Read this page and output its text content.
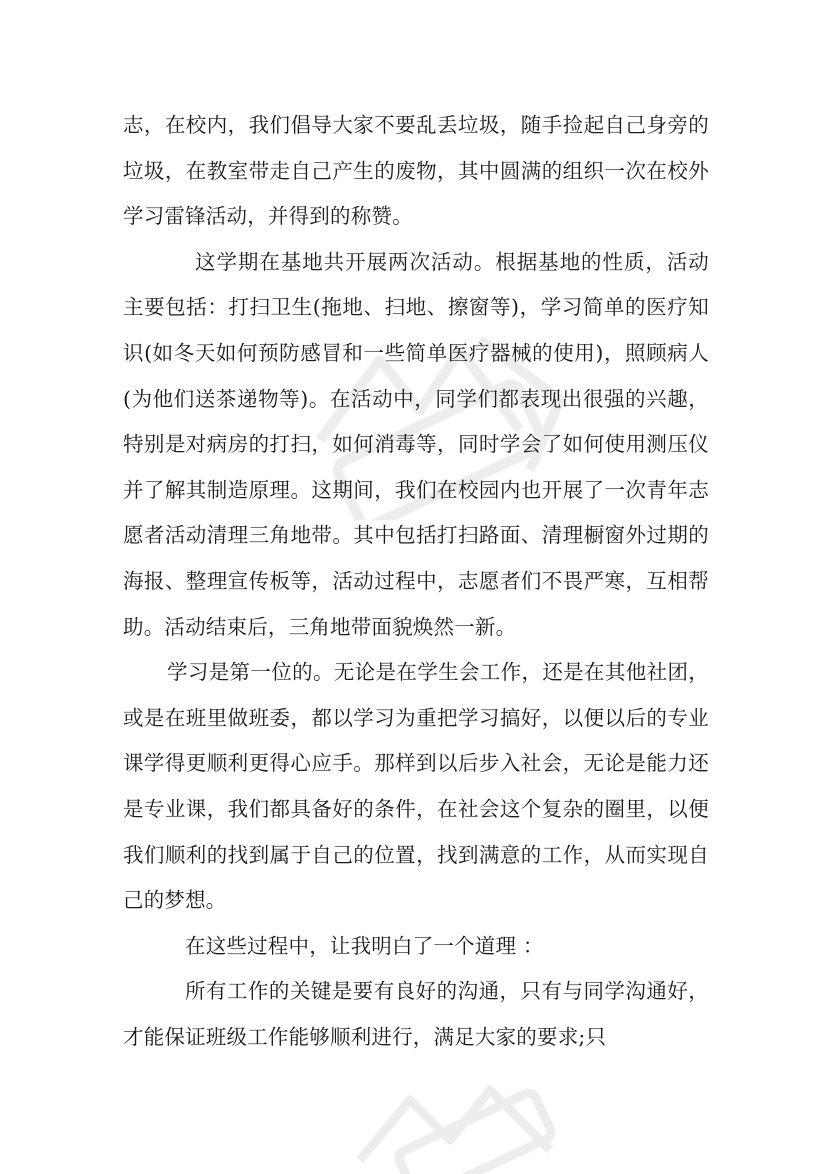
志，在校内，我们倡导大家不要乱丢垃圾，随手捡起自己身旁的垃圾，在教室带走自己产生的废物，其中圆满的组织一次在校外学习雷锋活动，并得到的称赞。

这学期在基地共开展两次活动。根据基地的性质，活动主要包括：打扫卫生(拖地、扫地、擦窗等)，学习简单的医疗知识(如冬天如何预防感冒和一些简单医疗器械的使用)，照顾病人(为他们送茶递物等)。在活动中，同学们都表现出很强的兴趣，特别是对病房的打扫，如何消毒等，同时学会了如何使用测压仪并了解其制造原理。这期间，我们在校园内也开展了一次青年志愿者活动清理三角地带。其中包括打扫路面、清理橱窗外过期的海报、整理宣传板等，活动过程中，志愿者们不畏严寒，互相帮助。活动结束后，三角地带面貌焕然一新。

学习是第一位的。无论是在学生会工作，还是在其他社团，或是在班里做班委，都以学习为重把学习搞好，以便以后的专业课学得更顺利更得心应手。那样到以后步入社会，无论是能力还是专业课，我们都具备好的条件，在社会这个复杂的圈里，以便我们顺利的找到属于自己的位置，找到满意的工作，从而实现自己的梦想。

在这些过程中，让我明白了一个道理 ：

所有工作的关键是要有良好的沟通，只有与同学沟通好，才能保证班级工作能够顺利进行，满足大家的要求;只
